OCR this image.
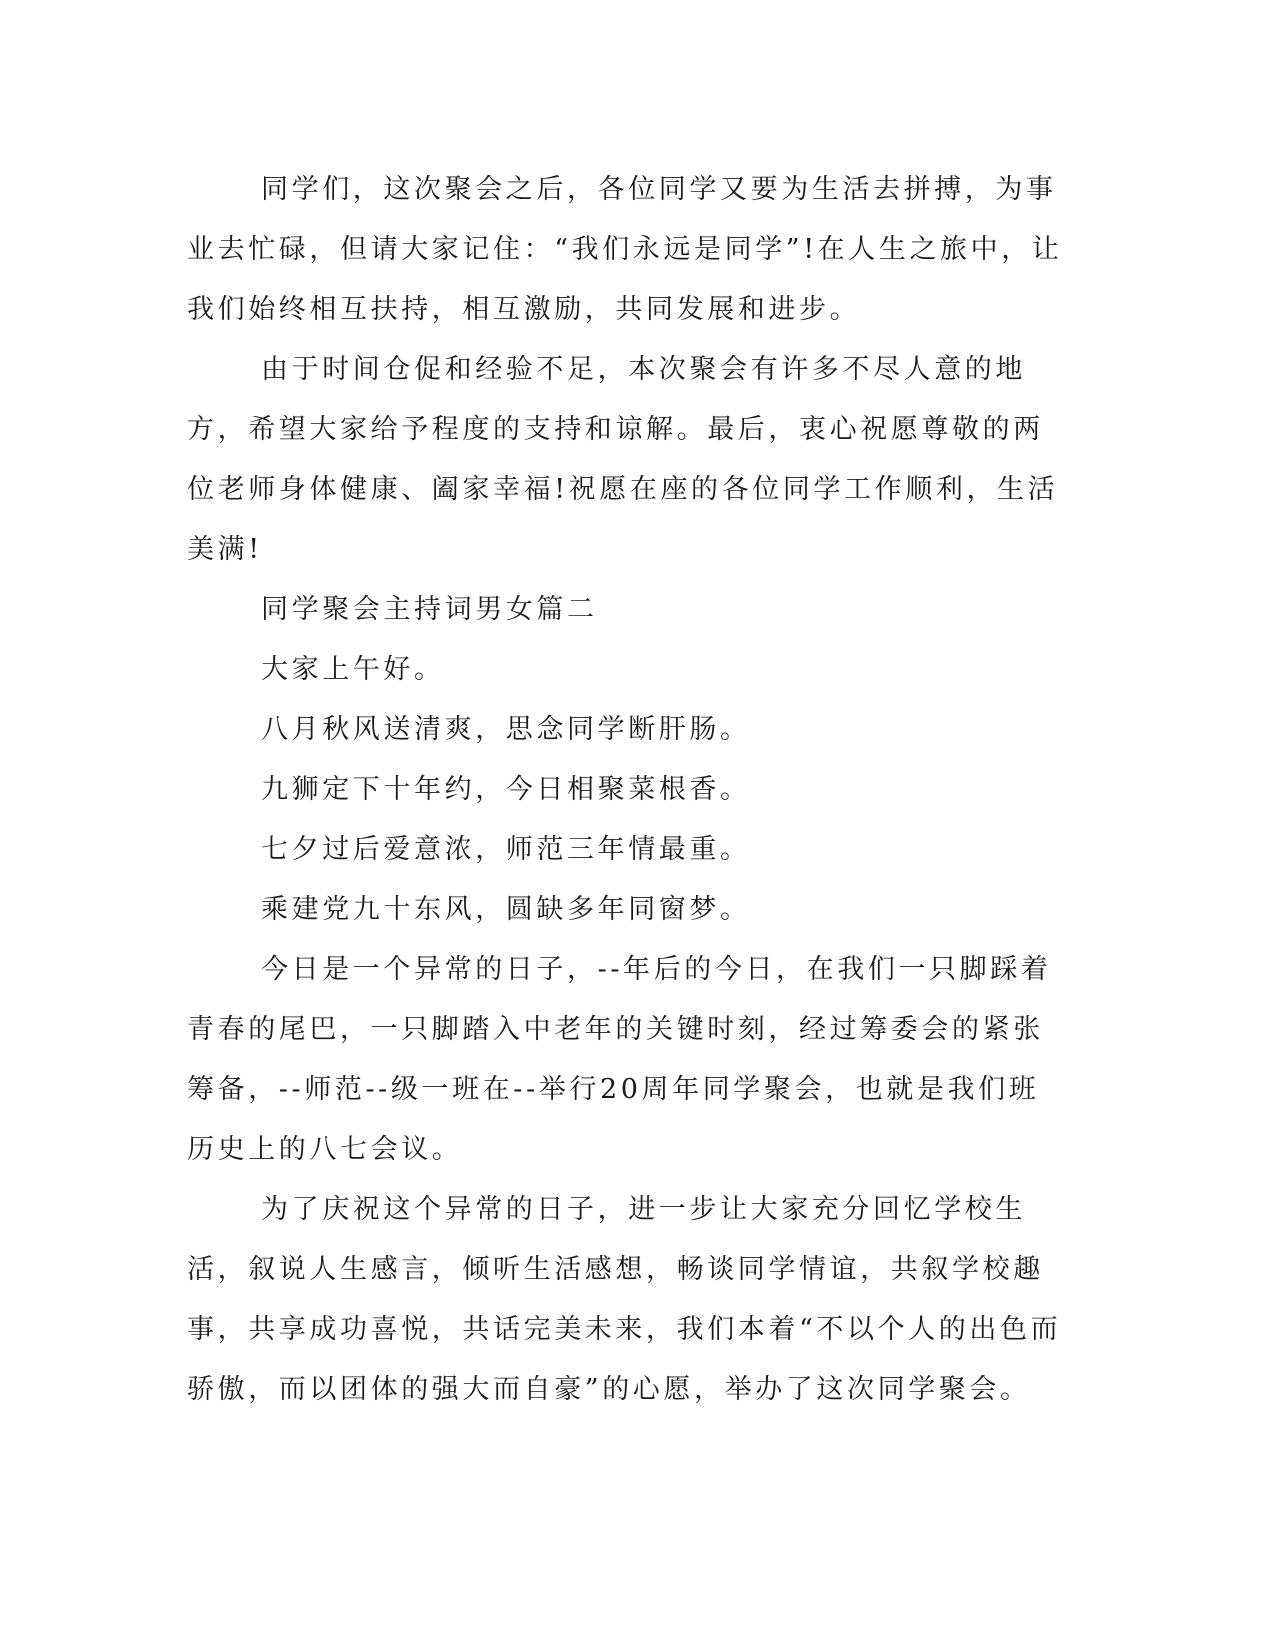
同学们，这次聚会之后，各位同学又要为生活去拼搏，为事业去忙碌，但请大家记住：“我们永远是同学”!在人生之旅中，让我们始终相互扶持，相互激励，共同发展和进步。

由于时间仓促和经验不足，本次聚会有许多不尽人意的地方，希望大家给予程度的支持和谅解。最后，衷心祝愿尊敬的两位老师身体健康、阖家幸福!祝愿在座的各位同学工作顺利，生活美满!

同学聚会主持词男女篇二

大家上午好。

八月秋风送清爽，思念同学断肝肠。

九狮定下十年约，今日相聚菜根香。

七夕过后爱意浓，师范三年情最重。

乘建党九十东风，圆缺多年同窗梦。

今日是一个异常的日子，--年后的今日，在我们一只脚踩着青春的尾巴，一只脚踏入中老年的关键时刻，经过筹委会的紧张筹备，--师范--级一班在--举行20周年同学聚会，也就是我们班历史上的八七会议。

为了庆祝这个异常的日子，进一步让大家充分回忆学校生活，叙说人生感言，倾听生活感想，畅谈同学情谊，共叙学校趣事，共享成功喜悦，共话完美未来，我们本着“不以个人的出色而骄傲，而以团体的强大而自豪”的心愿，举办了这次同学聚会。
